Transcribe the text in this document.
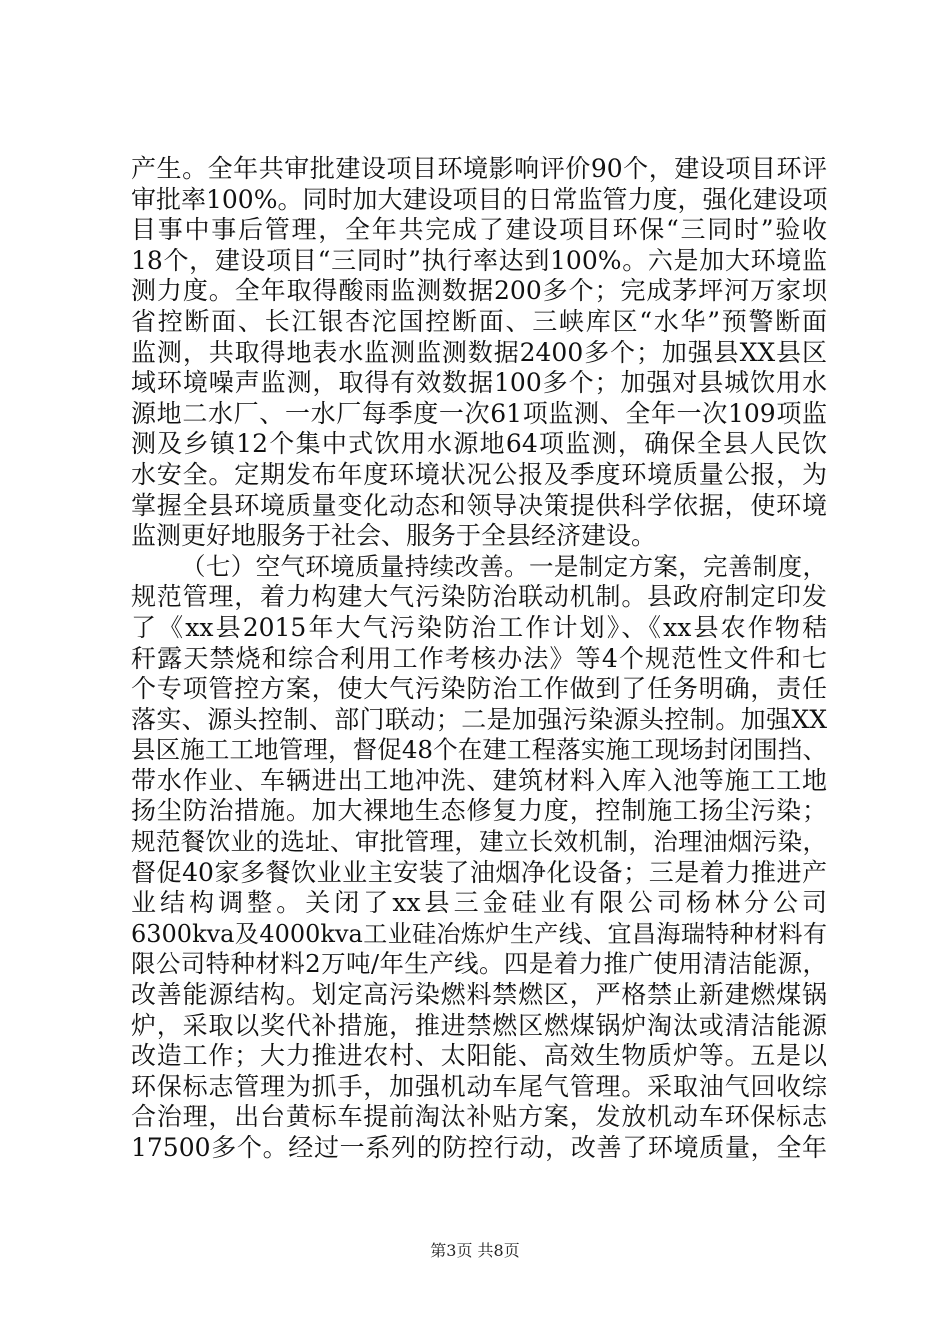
产生。全年共审批建设项目环境影响评价90个，建设项目环评
审批率100%。同时加大建设项目的日常监管力度，强化建设项
目事中事后管理，全年共完成了建设项目环保“三同时”验收
18个，建设项目“三同时”执行率达到100%。六是加大环境监
测力度。全年取得酸雨监测数据200多个；完成茅坪河万家坝
省控断面、长江银杏沱国控断面、三峡库区“水华”预警断面
监测，共取得地表水监测监测数据2400多个；加强县XX县区
域环境噪声监测，取得有效数据100多个；加强对县城饮用水
源地二水厂、一水厂每季度一次61项监测、全年一次109项监
测及乡镇12个集中式饮用水源地64项监测，确保全县人民饮
水安全。定期发布年度环境状况公报及季度环境质量公报，为
掌握全县环境质量变化动态和领导决策提供科学依据，使环境
监测更好地服务于社会、服务于全县经济建设。
（七）空气环境质量持续改善。一是制定方案，完善制度，
规范管理，着力构建大气污染防治联动机制。县政府制定印发
了《xx县2015年大气污染防治工作计划》、《xx县农作物秸
秆露天禁烧和综合利用工作考核办法》等4个规范性文件和七
个专项管控方案，使大气污染防治工作做到了任务明确，责任
落实、源头控制、部门联动；二是加强污染源头控制。加强XX
县区施工工地管理，督促48个在建工程落实施工现场封闭围挡、
带水作业、车辆进出工地冲洗、建筑材料入库入池等施工工地
扬尘防治措施。加大裸地生态修复力度，控制施工扬尘污染；
规范餐饮业的选址、审批管理，建立长效机制，治理油烟污染，
督促40家多餐饮业业主安装了油烟净化设备；三是着力推进产
业结构调整。关闭了xx县三金硅业有限公司杨林分公司
6300kva及4000kva工业硅冶炼炉生产线、宜昌海瑞特种材料有
限公司特种材料2万吨/年生产线。四是着力推广使用清洁能源，
改善能源结构。划定高污染燃料禁燃区，严格禁止新建燃煤锅
炉，采取以奖代补措施，推进禁燃区燃煤锅炉淘汰或清洁能源
改造工作；大力推进农村、太阳能、高效生物质炉等。五是以
环保标志管理为抓手，加强机动车尾气管理。采取油气回收综
合治理，出台黄标车提前淘汰补贴方案，发放机动车环保标志
17500多个。经过一系列的防控行动，改善了环境质量，全年
第3页 共8页
